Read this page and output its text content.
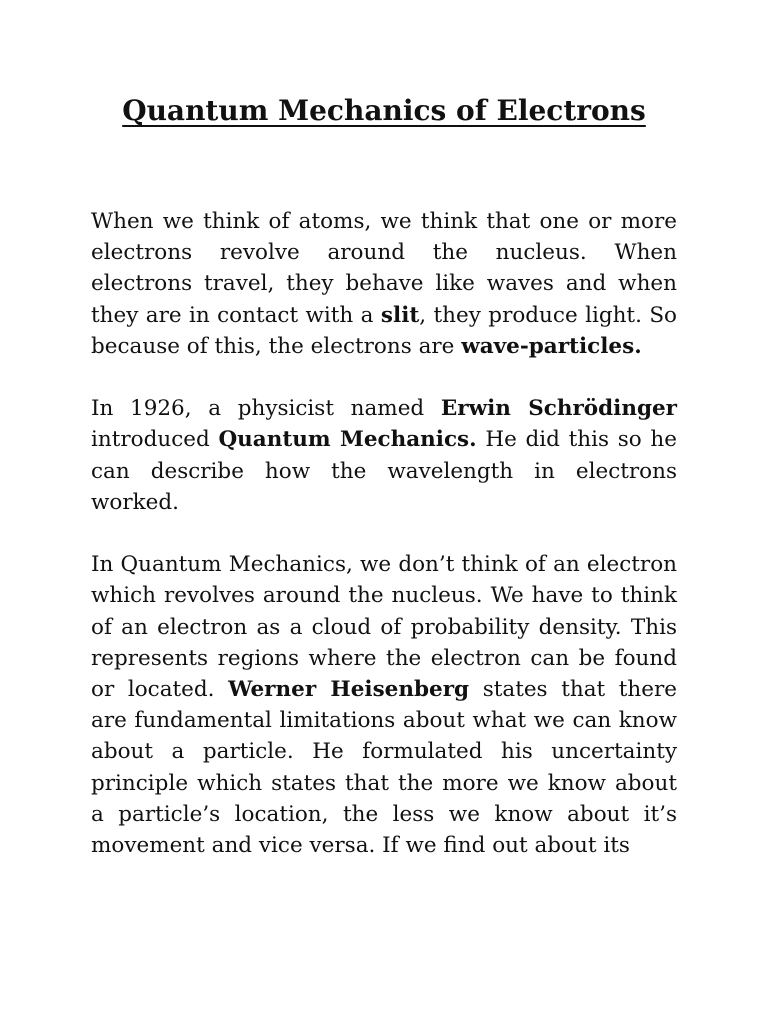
Quantum Mechanics of Electrons

When we think of atoms, we think that one or more electrons revolve around the nucleus. When electrons travel, they behave like waves and when they are in contact with a slit, they produce light. So because of this, the electrons are wave-particles.

In 1926, a physicist named Erwin Schrödinger introduced Quantum Mechanics. He did this so he can describe how the wavelength in electrons worked.

In Quantum Mechanics, we don’t think of an electron which revolves around the nucleus. We have to think of an electron as a cloud of probability density. This represents regions where the electron can be found or located. Werner Heisenberg states that there are fundamental limitations about what we can know about a particle. He formulated his uncertainty principle which states that the more we know about a particle’s location, the less we know about it’s movement and vice versa. If we find out about its
